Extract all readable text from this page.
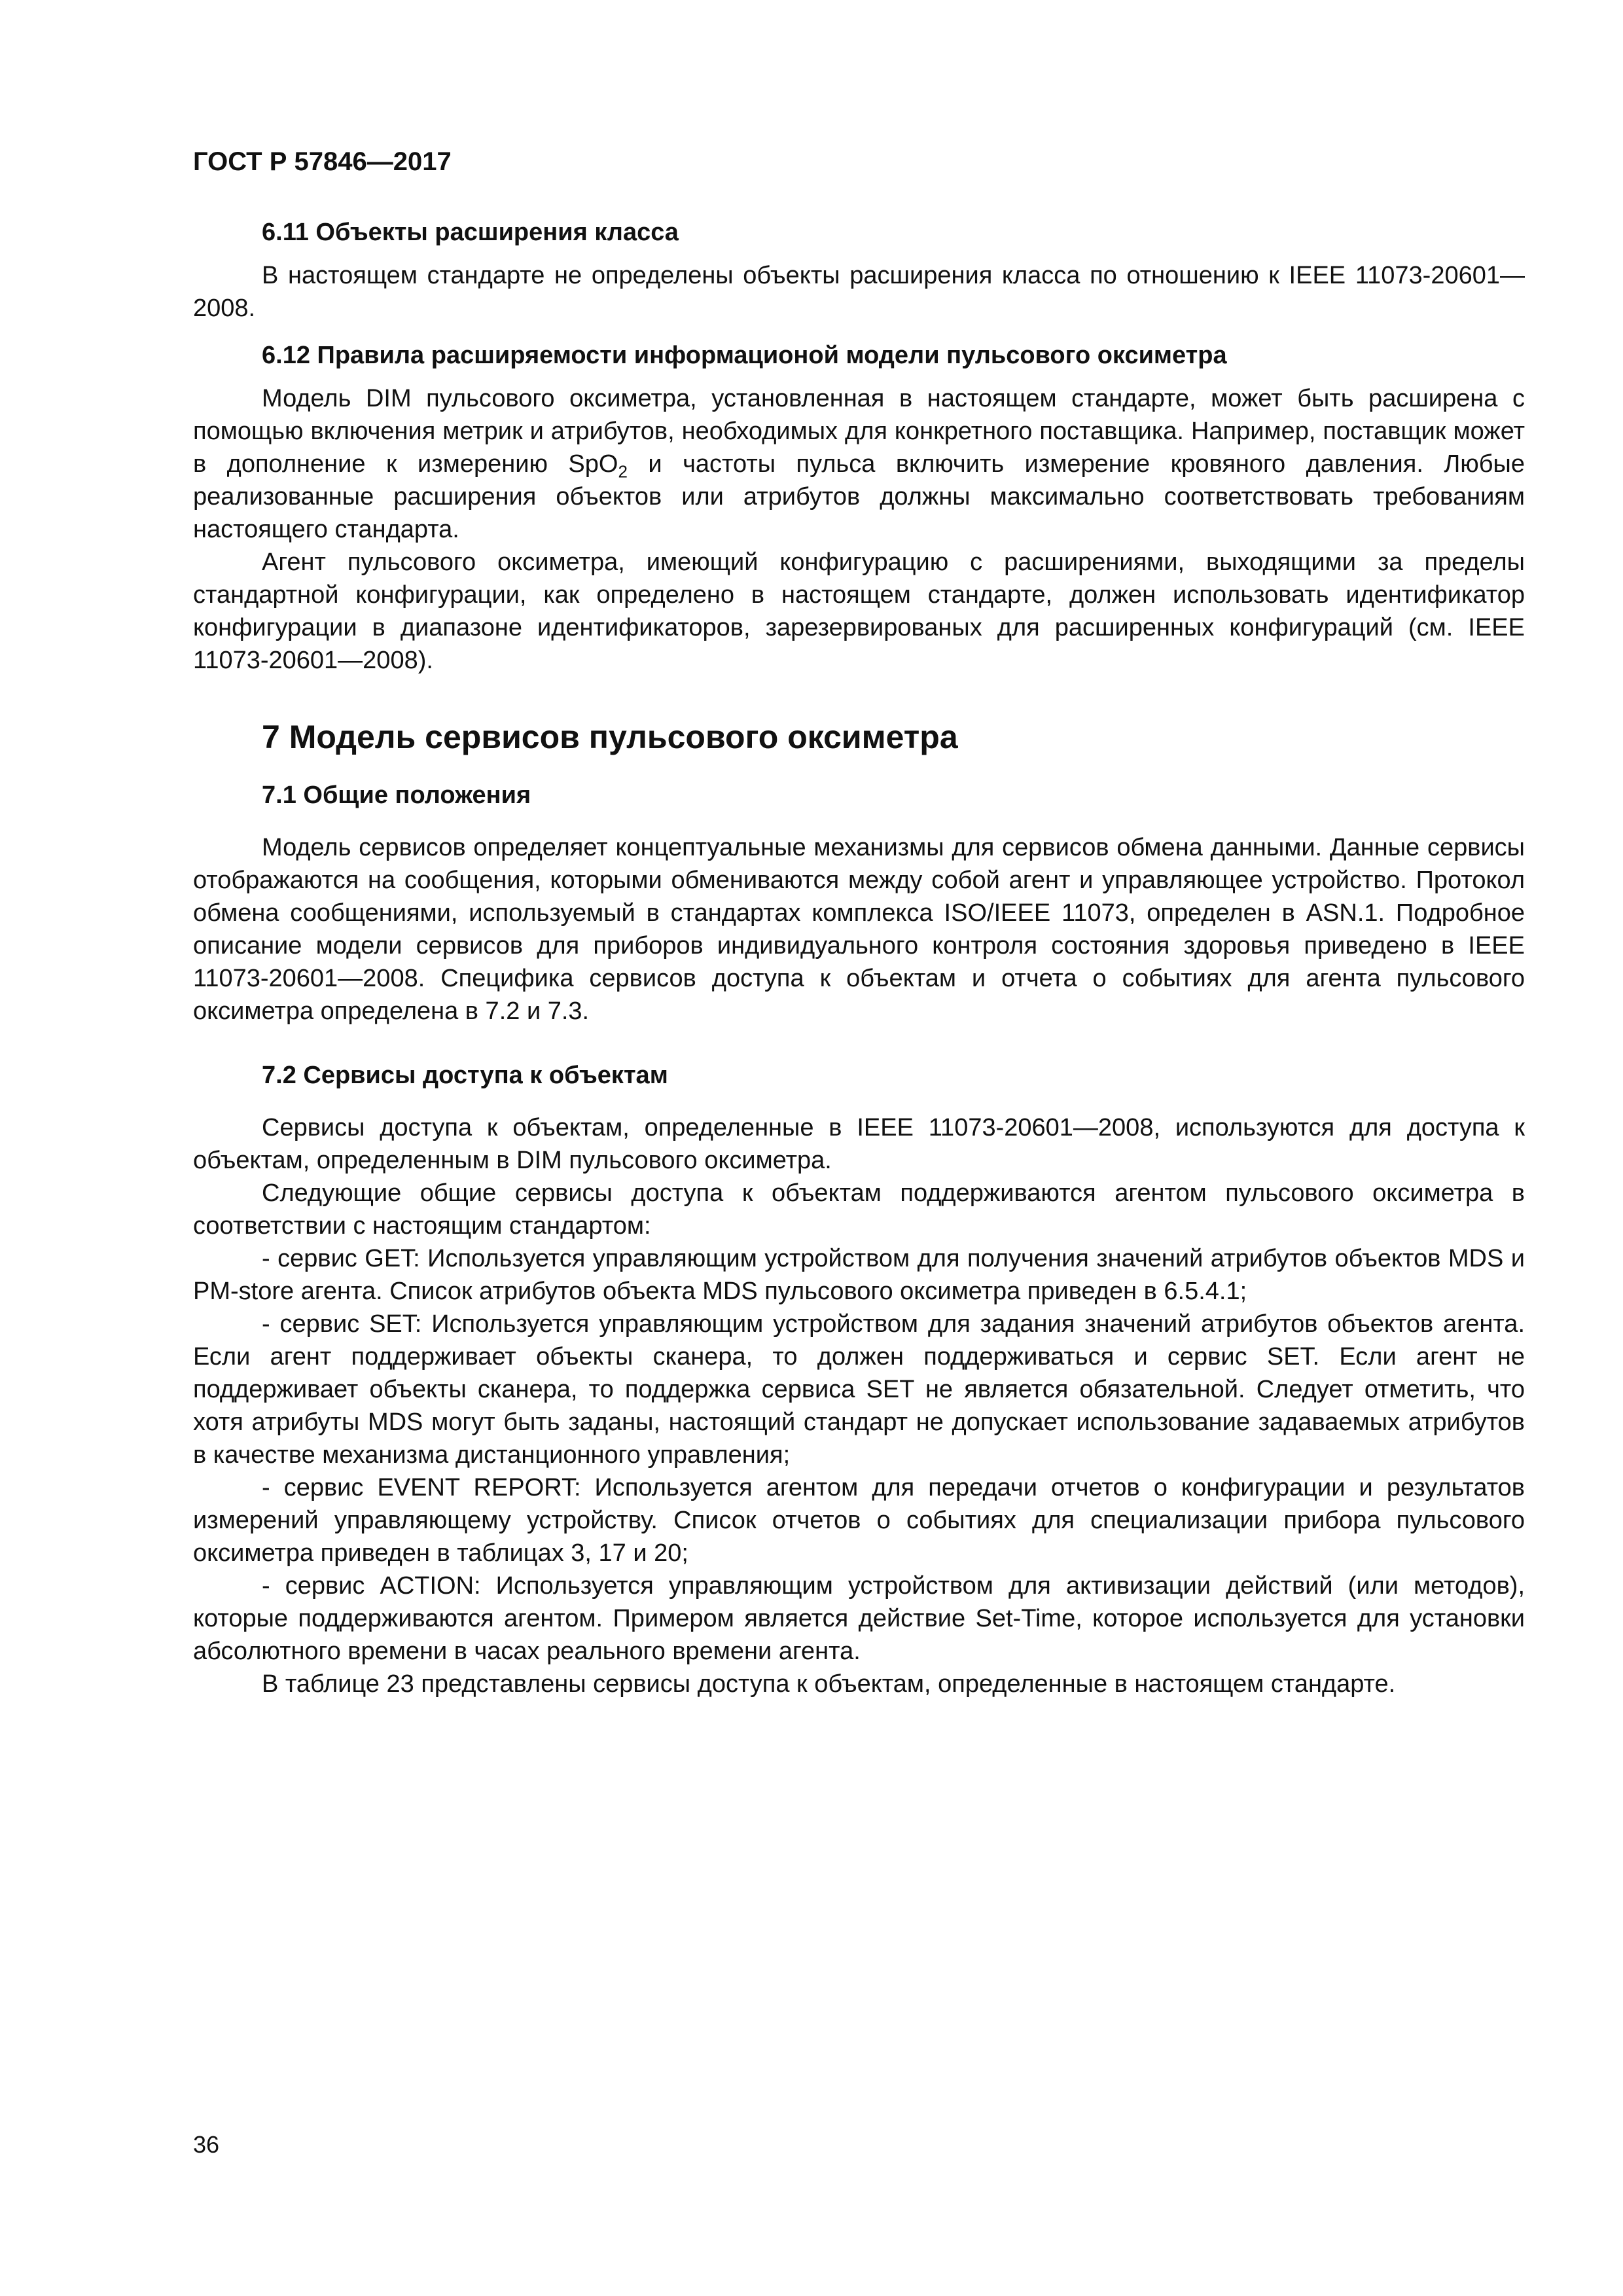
ГОСТ Р 57846—2017
6.11 Объекты расширения класса

В настоящем стандарте не определены объекты расширения класса по отношению к IEEE 11073-20601—2008.

6.12 Правила расширяемости информационой модели пульсового оксиметра

Модель DIM пульсового оксиметра, установленная в настоящем стандарте, может быть расширена с помощью включения метрик и атрибутов, необходимых для конкретного поставщика. Например, поставщик может в дополнение к измерению SpO$_2$ и частоты пульса включить измерение кровяного давления. Любые реализованные расширения объектов или атрибутов должны максимально соответствовать требованиям настоящего стандарта.

Агент пульсового оксиметра, имеющий конфигурацию с расширениями, выходящими за пределы стандартной конфигурации, как определено в настоящем стандарте, должен использовать идентификатор конфигурации в диапазоне идентификаторов, зарезервированых для расширенных конфигураций (см. IEEE 11073-20601—2008).

7 Модель сервисов пульсового оксиметра
7.1 Общие положения

Модель сервисов определяет концептуальные механизмы для сервисов обмена данными. Данные сервисы отображаются на сообщения, которыми обмениваются между собой агент и управляющее устройство. Протокол обмена сообщениями, используемый в стандартах комплекса ISO/IEEE 11073, определен в ASN.1. Подробное описание модели сервисов для приборов индивидуального контроля состояния здоровья приведено в IEEE 11073-20601—2008. Специфика сервисов доступа к объектам и отчета о событиях для агента пульсового оксиметра определена в 7.2 и 7.3.

7.2 Сервисы доступа к объектам

Сервисы доступа к объектам, определенные в IEEE 11073-20601—2008, используются для доступа к объектам, определенным в DIM пульсового оксиметра.

Следующие общие сервисы доступа к объектам поддерживаются агентом пульсового оксиметра в соответствии с настоящим стандартом:

- сервис GET: Используется управляющим устройством для получения значений атрибутов объектов MDS и PM-store агента. Список атрибутов объекта MDS пульсового оксиметра приведен в 6.5.4.1;

- сервис SET: Используется управляющим устройством для задания значений атрибутов объектов агента. Если агент поддерживает объекты сканера, то должен поддерживаться и сервис SET. Если агент не поддерживает объекты сканера, то поддержка сервиса SET не является обязательной. Следует отметить, что хотя атрибуты MDS могут быть заданы, настоящий стандарт не допускает использование задаваемых атрибутов в качестве механизма дистанционного управления;

- сервис EVENT REPORT: Используется агентом для передачи отчетов о конфигурации и результатов измерений управляющему устройству. Список отчетов о событиях для специализации прибора пульсового оксиметра приведен в таблицах 3, 17 и 20;

- сервис ACTION: Используется управляющим устройством для активизации действий (или методов), которые поддерживаются агентом. Примером является действие Set-Time, которое используется для установки абсолютного времени в часах реального времени агента.

В таблице 23 представлены сервисы доступа к объектам, определенные в настоящем стандарте.

36
